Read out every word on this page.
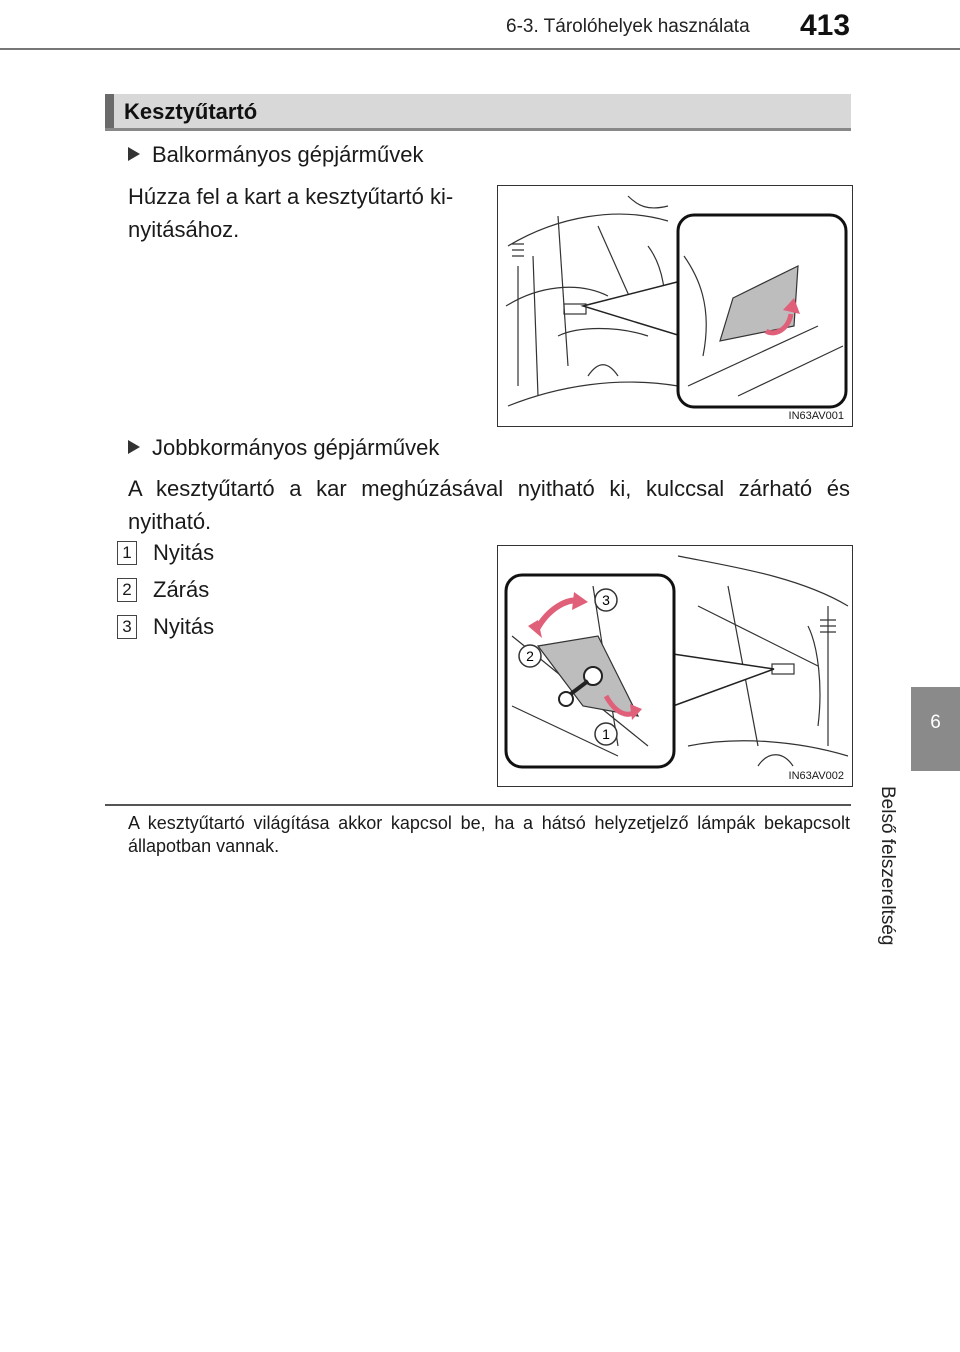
6-3. Tárolóhelyek használata 413
6
Belső felszereltség
Kesztyűtartó
Balkormányos gépjárművek
Húzza fel a kart a kesztyűtartó ki-nyitásához.
IN63AV001
Jobbkormányos gépjárművek
A kesztyűtartó a kar meghúzásával nyitható ki, kulccsal zárható és nyitható.
1 Nyitás
2 Zárás
3 Nyitás
3
2
1
IN63AV002
A kesztyűtartó világítása akkor kapcsol be, ha a hátsó helyzetjelző lámpák bekapcsolt állapotban vannak.
